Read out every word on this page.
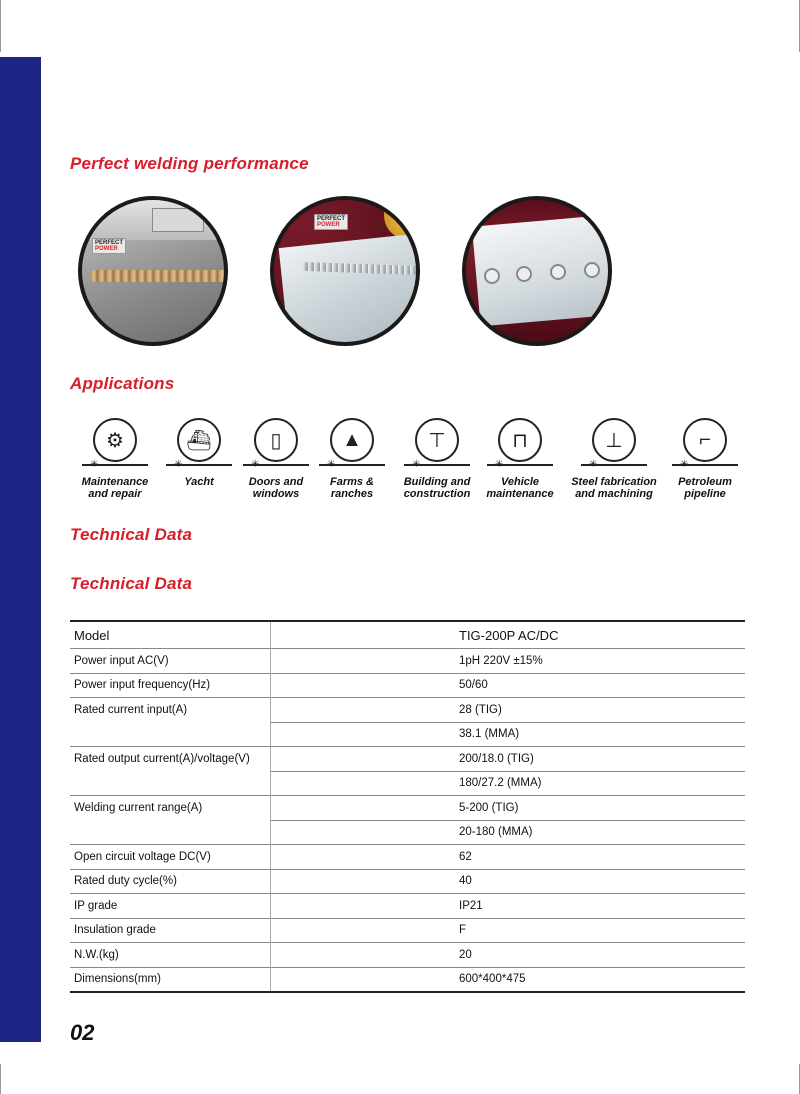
Perfect welding performance
PERFECT
POWER
PERFECT
POWER
Applications
⚙
✳
Maintenance
and repair
⛴
✳
Yacht

▯
✳
Doors and
windows
▲
✳
Farms &
ranches
⊤
✳
Building and
construction
⊓
✳
Vehicle
maintenance
⊥
✳
Steel fabrication
and machining
⌐
✳
Petroleum
pipeline
Technical Data
Technical Data
Model	TIG-200P AC/DC
Power input AC(V)	1pH 220V ±15%
Power input frequency(Hz)	50/60
Rated current input(A)	28 (TIG)
	38.1 (MMA)
Rated output current(A)/voltage(V)	200/18.0 (TIG)
	180/27.2 (MMA)
Welding current range(A)	5-200 (TIG)
	20-180 (MMA)
Open circuit voltage DC(V)	62
Rated duty cycle(%)	40
IP grade	IP21
Insulation grade	F
N.W.(kg)	20
Dimensions(mm)	600*400*475
02
